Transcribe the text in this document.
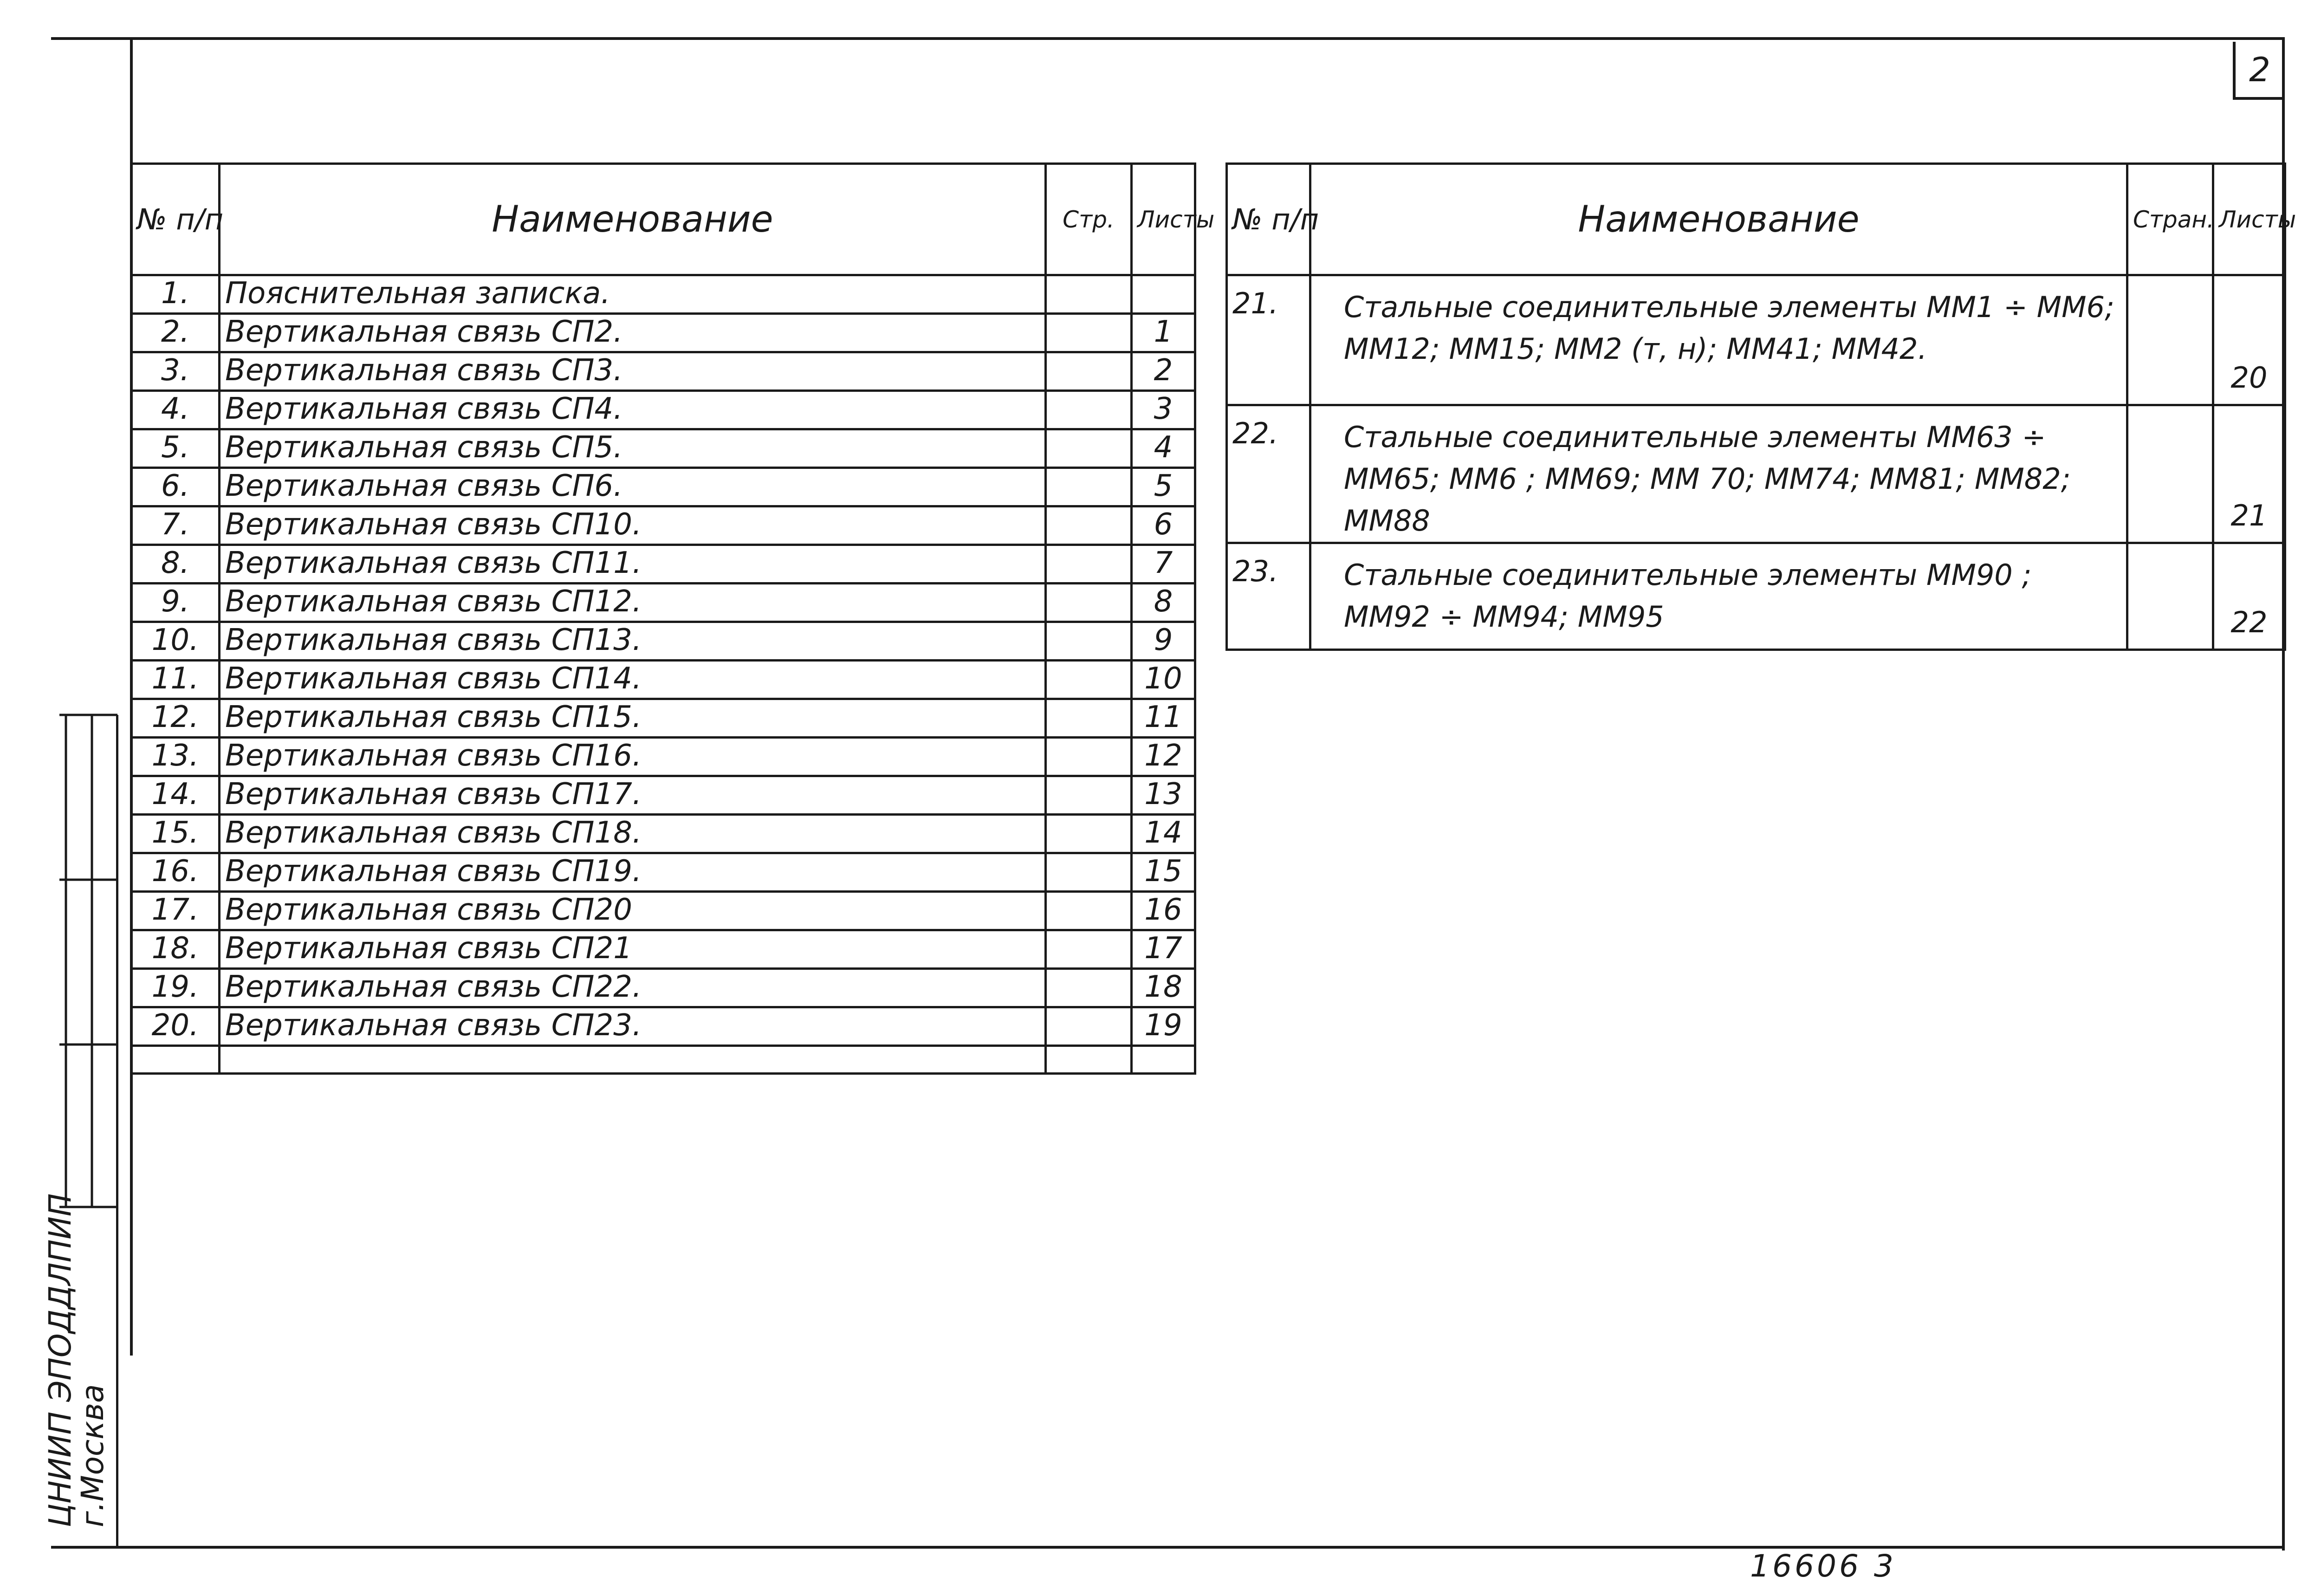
2
№ п/п	Наименование	Стр.	Листы
1.	Пояснительная записка.		
2.	Вертикальная связь СП2.		1
3.	Вертикальная связь СП3.		2
4.	Вертикальная связь СП4.		3
5.	Вертикальная связь СП5.		4
6.	Вертикальная связь СП6.		5
7.	Вертикальная связь СП10.		6
8.	Вертикальная связь СП11.		7
9.	Вертикальная связь СП12.		8
10.	Вертикальная связь СП13.		9
11.	Вертикальная связь СП14.		10
12.	Вертикальная связь СП15.		11
13.	Вертикальная связь СП16.		12
14.	Вертикальная связь СП17.		13
15.	Вертикальная связь СП18.		14
16.	Вертикальная связь СП19.		15
17.	Вертикальная связь СП20		16
18.	Вертикальная связь СП21		17
19.	Вертикальная связь СП22.		18
20.	Вертикальная связь СП23.		19

№ п/п	Наименование	Стран.	Листы
21.	Стальные соединительные элементы ММ1 ÷ ММ6; ММ12; ММ15; ММ2 (т, н); ММ41; ММ42.		20
22.	Стальные соединительные элементы ММ63 ÷ ММ65; ММ6 ; ММ69; ММ 70; ММ74; ММ81; ММ82; ММ88		21
23.	Стальные соединительные элементы ММ90 ; ММ92 ÷ ММ94; ММ95		22
ЦНИИП ЭПОДДЛПИП
г.Москва
16606 3
